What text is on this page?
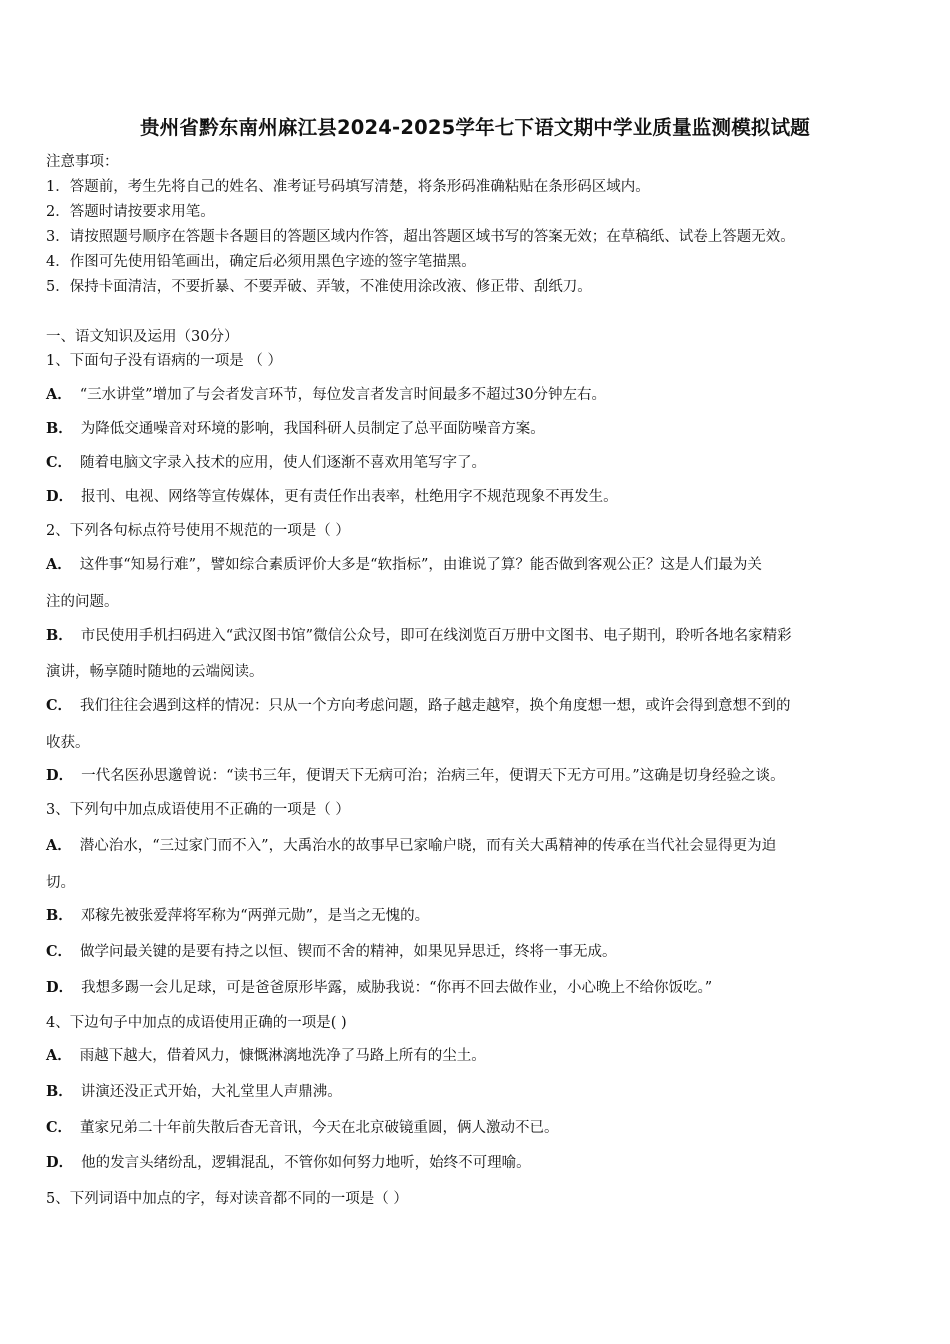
贵州省黔东南州麻江县2024-2025学年七下语文期中学业质量监测模拟试题
注意事项：
1．答题前，考生先将自己的姓名、准考证号码填写清楚，将条形码准确粘贴在条形码区域内。
2．答题时请按要求用笔。
3．请按照题号顺序在答题卡各题目的答题区域内作答，超出答题区域书写的答案无效；在草稿纸、试卷上答题无效。
4．作图可先使用铅笔画出，确定后必须用黑色字迹的签字笔描黑。
5．保持卡面清洁，不要折暴、不要弄破、弄皱，不准使用涂改液、修正带、刮纸刀。
一、语文知识及运用（30分）
1、下面句子没有语病的一项是 （ ）
A． “三水讲堂”增加了与会者发言环节，每位发言者发言时间最多不超过30分钟左右。
B． 为降低交通噪音对环境的影响，我国科研人员制定了总平面防噪音方案。
C． 随着电脑文字录入技术的应用，使人们逐渐不喜欢用笔写字了。
D． 报刊、电视、网络等宣传媒体，更有责任作出表率，杜绝用字不规范现象不再发生。
2、下列各句标点符号使用不规范的一项是（ ）
A． 这件事“知易行难”，譬如综合素质评价大多是“软指标”，由谁说了算？能否做到客观公正？这是人们最为关
注的问题。
B． 市民使用手机扫码进入“武汉图书馆”微信公众号，即可在线浏览百万册中文图书、电子期刊，聆听各地名家精彩
演讲，畅享随时随地的云端阅读。
C． 我们往往会遇到这样的情况：只从一个方向考虑问题，路子越走越窄，换个角度想一想，或许会得到意想不到的
收获。
D． 一代名医孙思邈曾说：“读书三年，便谓天下无病可治；治病三年，便谓天下无方可用。”这确是切身经验之谈。
3、下列句中加点成语使用不正确的一项是（ ）
A． 潜心治水，“三过家门而不入”，大禹治水的故事早已家喻户晓，而有关大禹精神的传承在当代社会显得更为迫
切。
B． 邓稼先被张爱萍将军称为“两弹元勋”，是当之无愧的。
C． 做学问最关键的是要有持之以恒、锲而不舍的精神，如果见异思迁，终将一事无成。
D． 我想多踢一会儿足球，可是爸爸原形毕露，威胁我说：“你再不回去做作业，小心晚上不给你饭吃。”
4、下边句子中加点的成语使用正确的一项是( )
A． 雨越下越大，借着风力，慷慨淋漓地洗净了马路上所有的尘土。
B． 讲演还没正式开始，大礼堂里人声鼎沸。
C． 董家兄弟二十年前失散后杳无音讯，今天在北京破镜重圆，俩人激动不已。
D． 他的发言头绪纷乱，逻辑混乱，不管你如何努力地听，始终不可理喻。
5、下列词语中加点的字，每对读音都不同的一项是（ ）
